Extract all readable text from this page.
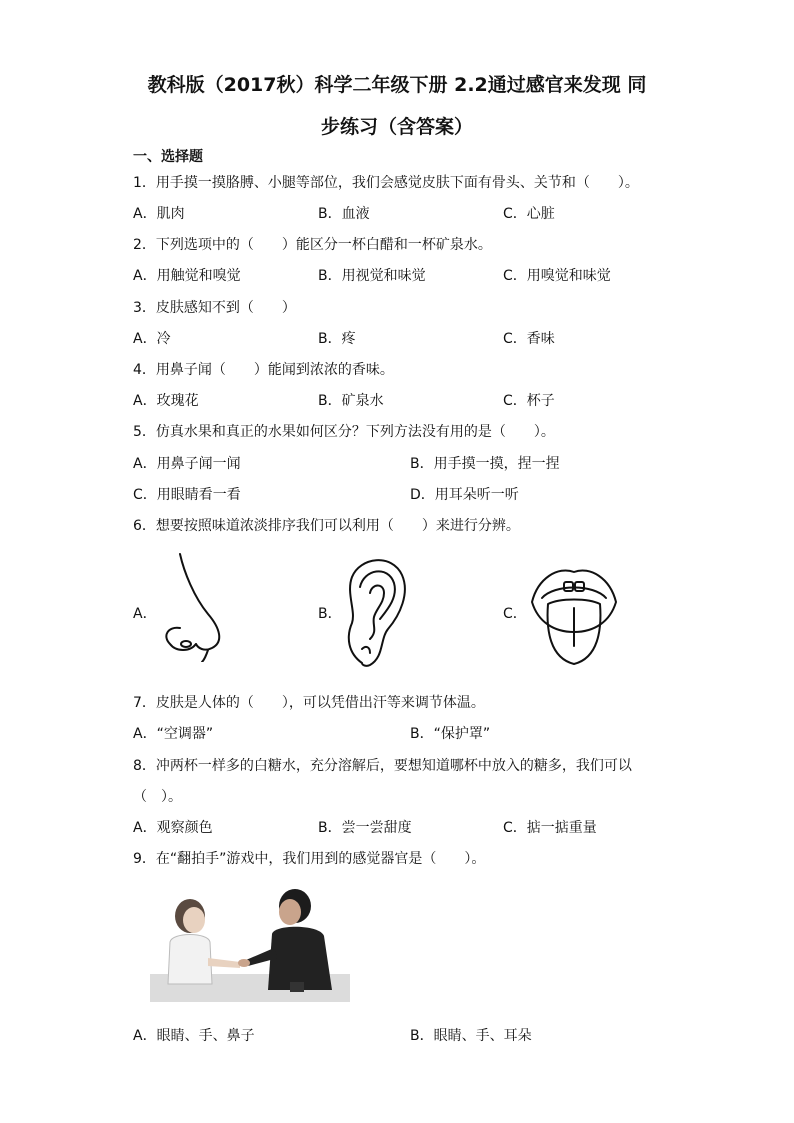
教科版（2017秋）科学二年级下册 2.2通过感官来发现 同
步练习（含答案）
一、选择题
1．用手摸一摸胳膊、小腿等部位，我们会感觉皮肤下面有骨头、关节和（　　）。
A．肌肉	B．血液	C．心脏
2．下列选项中的（　　）能区分一杯白醋和一杯矿泉水。
A．用触觉和嗅觉	B．用视觉和味觉	C．用嗅觉和味觉
3．皮肤感知不到（　　）
A．冷	B．疼	C．香味
4．用鼻子闻（　　）能闻到浓浓的香味。
A．玫瑰花	B．矿泉水	C．杯子
5．仿真水果和真正的水果如何区分？下列方法没有用的是（　　）。
A．用鼻子闻一闻	B．用手摸一摸，捏一捏
C．用眼睛看一看	D．用耳朵听一听
6．想要按照味道浓淡排序我们可以利用（　　）来进行分辨。
A．	B．	C．
7．皮肤是人体的（　　），可以凭借出汗等来调节体温。
A．“空调器”	B．“保护罩”
8．冲两杯一样多的白糖水，充分溶解后，要想知道哪杯中放入的糖多，我们可以
（　）。
A．观察颜色	B．尝一尝甜度	C．掂一掂重量
9．在“翻拍手”游戏中，我们用到的感觉器官是（　　）。
A．眼睛、手、鼻子	B．眼睛、手、耳朵
